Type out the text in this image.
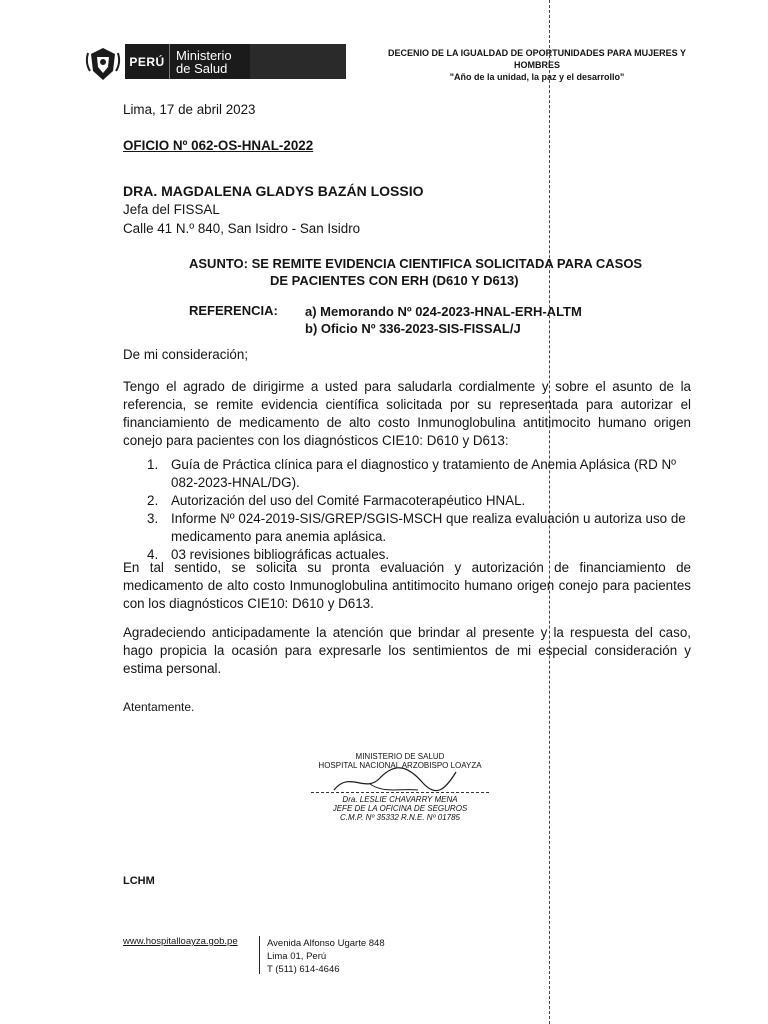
PERÚ Ministerio
de Salud
DECENIO DE LA IGUALDAD DE OPORTUNIDADES PARA MUJERES Y
HOMBRES
"Año de la unidad, la paz y el desarrollo"
Lima, 17 de abril 2023
OFICIO Nº 062-OS-HNAL-2022
DRA. MAGDALENA GLADYS BAZÁN LOSSIO
Jefa del FISSAL
Calle 41 N.º 840, San Isidro - San Isidro
ASUNTO: SE REMITE EVIDENCIA CIENTIFICA SOLICITADA PARA CASOS
DE PACIENTES CON ERH (D610 Y D613)
REFERENCIA: a) Memorando Nº 024-2023-HNAL-ERH-ALTM
b) Oficio Nº 336-2023-SIS-FISSAL/J
De mi consideración;
Tengo el agrado de dirigirme a usted para saludarla cordialmente y sobre el asunto de la referencia, se remite evidencia científica solicitada por su representada para autorizar el financiamiento de medicamento de alto costo Inmunoglobulina antitimocito humano origen conejo para pacientes con los diagnósticos CIE10: D610 y D613:
1. Guía de Práctica clínica para el diagnostico y tratamiento de Anemia Aplásica (RD Nº 082-2023-HNAL/DG).
2. Autorización del uso del Comité Farmacoterapéutico HNAL.
3. Informe Nº 024-2019-SIS/GREP/SGIS-MSCH que realiza evaluación u autoriza uso de medicamento para anemia aplásica.
4. 03 revisiones bibliográficas actuales.
En tal sentido, se solicita su pronta evaluación y autorización de financiamiento de medicamento de alto costo Inmunoglobulina antitimocito humano origen conejo para pacientes con los diagnósticos CIE10: D610 y D613.
Agradeciendo anticipadamente la atención que brindar al presente y la respuesta del caso, hago propicia la ocasión para expresarle los sentimientos de mi especial consideración y estima personal.
Atentamente.
MINISTERIO DE SALUD
HOSPITAL NACIONAL ARZOBISPO LOAYZA
Dra. LESLIE CHAVARRY MENA
JEFE DE LA OFICINA DE SEGUROS
C.M.P. Nº 35332 R.N.E. Nº 01785
LCHM
www.hospitalloayza.gob.pe	Avenida Alfonso Ugarte 848
Lima 01, Perú
T (511) 614-4646
